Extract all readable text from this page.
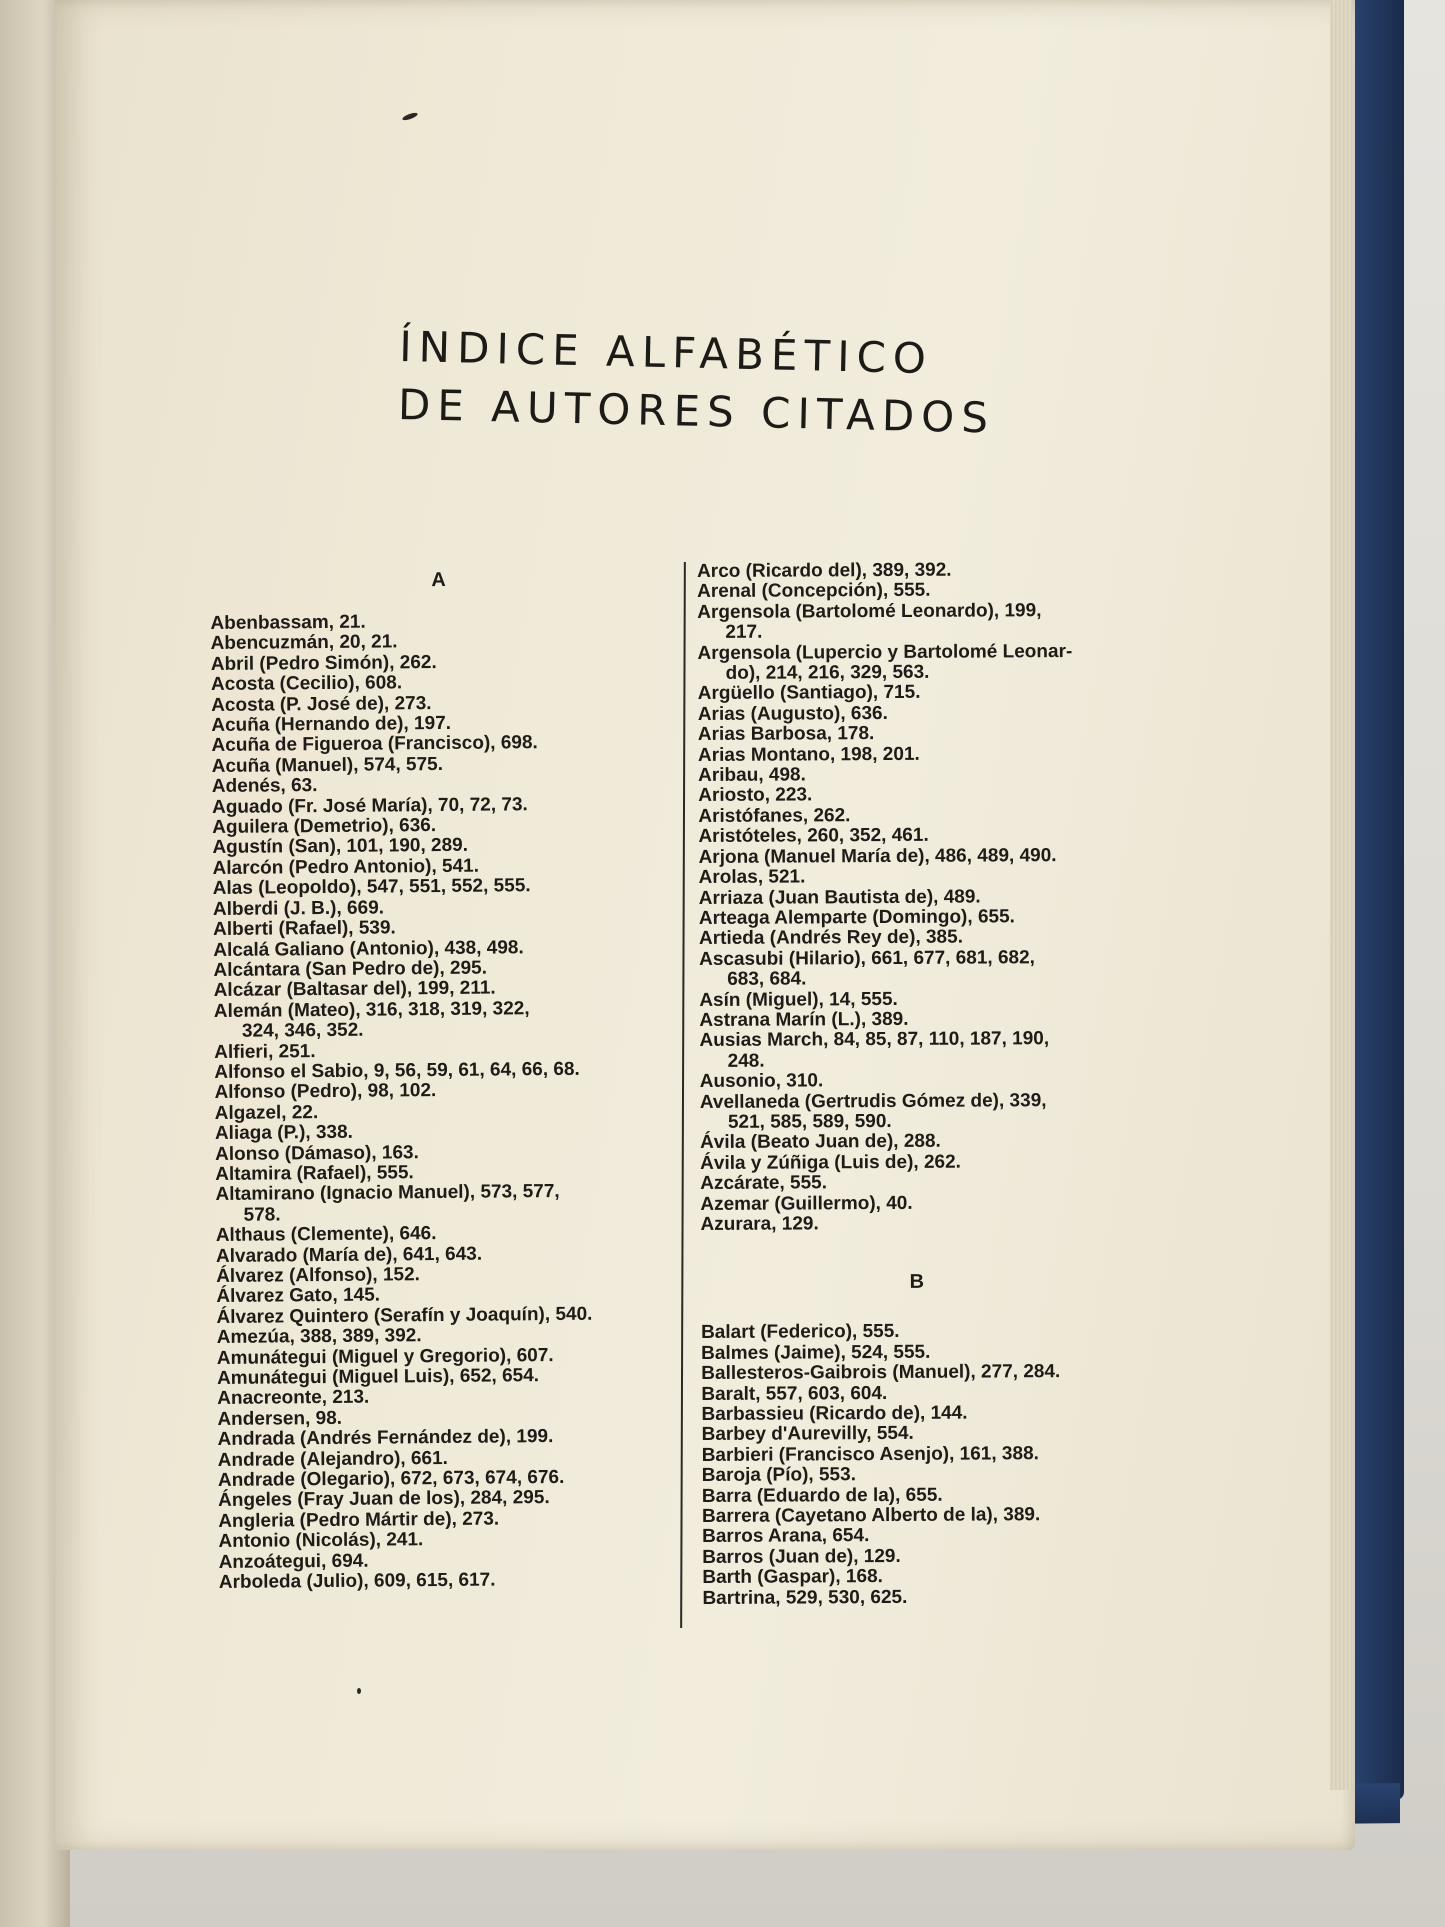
ÍNDICE ALFABÉTICO
DE AUTORES CITADOS
A
Abenbassam, 21.
Abencuzmán, 20, 21.
Abril (Pedro Simón), 262.
Acosta (Cecilio), 608.
Acosta (P. José de), 273.
Acuña (Hernando de), 197.
Acuña de Figueroa (Francisco), 698.
Acuña (Manuel), 574, 575.
Adenés, 63.
Aguado (Fr. José María), 70, 72, 73.
Aguilera (Demetrio), 636.
Agustín (San), 101, 190, 289.
Alarcón (Pedro Antonio), 541.
Alas (Leopoldo), 547, 551, 552, 555.
Alberdi (J. B.), 669.
Alberti (Rafael), 539.
Alcalá Galiano (Antonio), 438, 498.
Alcántara (San Pedro de), 295.
Alcázar (Baltasar del), 199, 211.
Alemán (Mateo), 316, 318, 319, 322,
324, 346, 352.
Alfieri, 251.
Alfonso el Sabio, 9, 56, 59, 61, 64, 66, 68.
Alfonso (Pedro), 98, 102.
Algazel, 22.
Aliaga (P.), 338.
Alonso (Dámaso), 163.
Altamira (Rafael), 555.
Altamirano (Ignacio Manuel), 573, 577,
578.
Althaus (Clemente), 646.
Alvarado (María de), 641, 643.
Álvarez (Alfonso), 152.
Álvarez Gato, 145.
Álvarez Quintero (Serafín y Joaquín), 540.
Amezúa, 388, 389, 392.
Amunátegui (Miguel y Gregorio), 607.
Amunátegui (Miguel Luis), 652, 654.
Anacreonte, 213.
Andersen, 98.
Andrada (Andrés Fernández de), 199.
Andrade (Alejandro), 661.
Andrade (Olegario), 672, 673, 674, 676.
Ángeles (Fray Juan de los), 284, 295.
Angleria (Pedro Mártir de), 273.
Antonio (Nicolás), 241.
Anzoátegui, 694.
Arboleda (Julio), 609, 615, 617.
Arco (Ricardo del), 389, 392.
Arenal (Concepción), 555.
Argensola (Bartolomé Leonardo), 199,
217.
Argensola (Lupercio y Bartolomé Leonar-
do), 214, 216, 329, 563.
Argüello (Santiago), 715.
Arias (Augusto), 636.
Arias Barbosa, 178.
Arias Montano, 198, 201.
Aribau, 498.
Ariosto, 223.
Aristófanes, 262.
Aristóteles, 260, 352, 461.
Arjona (Manuel María de), 486, 489, 490.
Arolas, 521.
Arriaza (Juan Bautista de), 489.
Arteaga Alemparte (Domingo), 655.
Artieda (Andrés Rey de), 385.
Ascasubi (Hilario), 661, 677, 681, 682,
683, 684.
Asín (Miguel), 14, 555.
Astrana Marín (L.), 389.
Ausias March, 84, 85, 87, 110, 187, 190,
248.
Ausonio, 310.
Avellaneda (Gertrudis Gómez de), 339,
521, 585, 589, 590.
Ávila (Beato Juan de), 288.
Ávila y Zúñiga (Luis de), 262.
Azcárate, 555.
Azemar (Guillermo), 40.
Azurara, 129.
B
Balart (Federico), 555.
Balmes (Jaime), 524, 555.
Ballesteros-Gaibrois (Manuel), 277, 284.
Baralt, 557, 603, 604.
Barbassieu (Ricardo de), 144.
Barbey d'Aurevilly, 554.
Barbieri (Francisco Asenjo), 161, 388.
Baroja (Pío), 553.
Barra (Eduardo de la), 655.
Barrera (Cayetano Alberto de la), 389.
Barros Arana, 654.
Barros (Juan de), 129.
Barth (Gaspar), 168.
Bartrina, 529, 530, 625.
